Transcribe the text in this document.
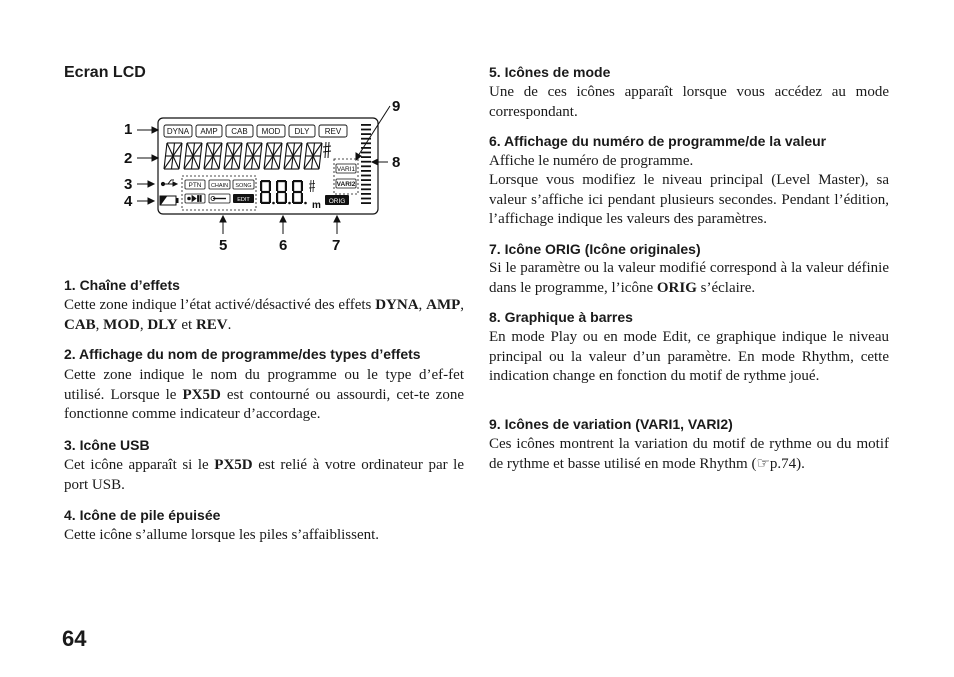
Ecran LCD
1
2
3
4
5	6	7
8
9
DYNA AMP CAB MOD DLY REV
VARI1
VARI2
PTN CHAIN SONG
EDIT	m ORIG
1. Chaîne d’effets
Cette zone indique l’état activé/désactivé des effets DYNA, AMP, CAB, MOD, DLY et REV.
2. Affichage du nom de programme/des types d’effets
Cette zone indique le nom du programme ou le type d’ef-fet utilisé. Lorsque le PX5D est contourné ou assourdi, cet-te zone fonctionne comme indicateur d’accordage.
3. Icône USB
Cet icône apparaît si le PX5D est relié à votre ordinateur par le port USB.
4. Icône de pile épuisée
Cette icône s’allume lorsque les piles s’affaiblissent.
5. Icônes de mode
Une de ces icônes apparaît lorsque vous accédez au mode correspondant.
6. Affichage du numéro de programme/de la valeur
Affiche le numéro de programme.
Lorsque vous modifiez le niveau principal (Level Master), sa valeur s’affiche ici pendant plusieurs secondes. Pendant l’édition, l’affichage indique les valeurs des paramètres.
7. Icône ORIG (Icône originales)
Si le paramètre ou la valeur modifié correspond à la valeur définie dans le programme, l’icône ORIG s’éclaire.
8. Graphique à barres
En mode Play ou en mode Edit, ce graphique indique le niveau principal ou la valeur d’un paramètre. En mode Rhythm, cette indication change en fonction du motif de rythme joué.
9. Icônes de variation (VARI1, VARI2)
Ces icônes montrent la variation du motif de rythme ou du motif de rythme et basse utilisé en mode Rhythm (☞p.74).
64
